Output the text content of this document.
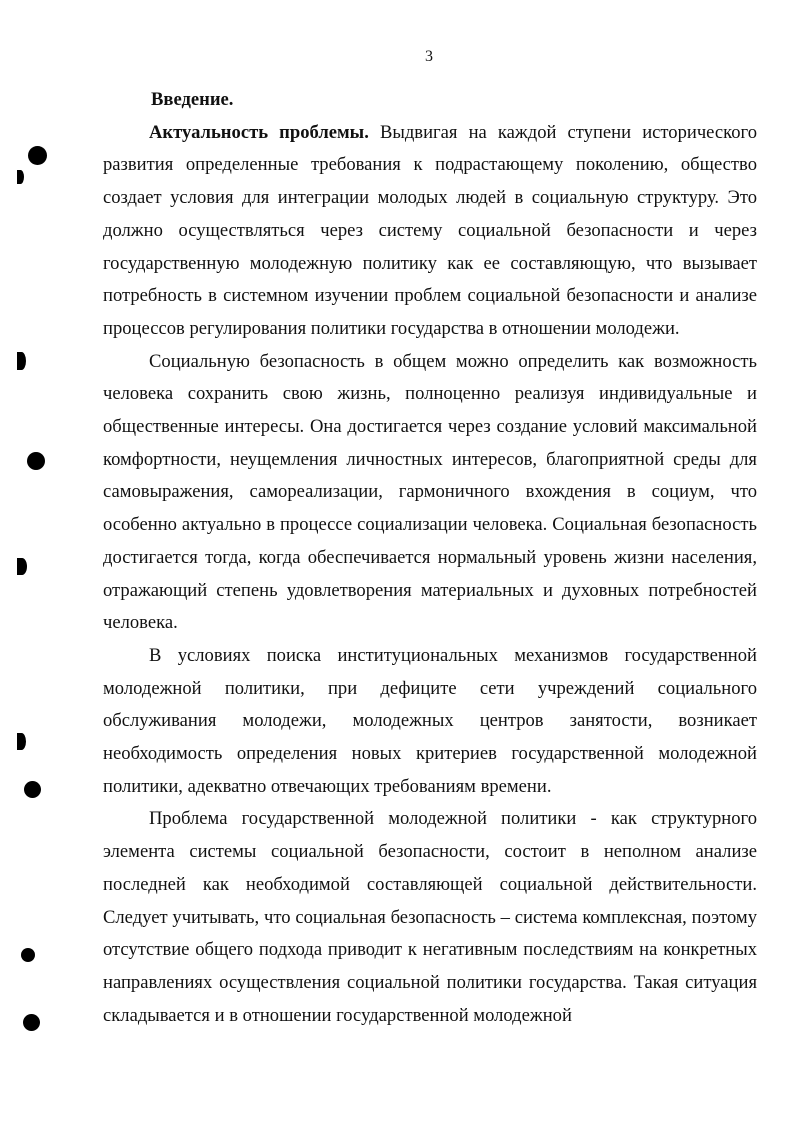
3

Введение.

Актуальность проблемы. Выдвигая на каждой ступени исторического развития определенные требования к подрастающему поколению, общество создает условия для интеграции молодых людей в социальную структуру. Это должно осуществляться через систему социальной безопасности и через государственную молодежную политику как ее составляющую, что вызывает потребность в системном изучении проблем социальной безопасности и анализе процессов регулирования политики государства в отношении молодежи.

Социальную безопасность в общем можно определить как возможность человека сохранить свою жизнь, полноценно реализуя индивидуальные и общественные интересы. Она достигается через создание условий максимальной комфортности, неущемления личностных интересов, благоприятной среды для самовыражения, самореализации, гармоничного вхождения в социум, что особенно актуально в процессе социализации человека. Социальная безопасность достигается тогда, когда обеспечивается нормальный уровень жизни населения, отражающий степень удовлетворения материальных и духовных потребностей человека.

В условиях поиска институциональных механизмов государственной молодежной политики, при дефиците сети учреждений социального обслуживания молодежи, молодежных центров занятости, возникает необходимость определения новых критериев государственной молодежной политики, адекватно отвечающих требованиям времени.

Проблема государственной молодежной политики - как структурного элемента системы социальной безопасности, состоит в неполном анализе последней как необходимой составляющей социальной действительности. Следует учитывать, что социальная безопасность – система комплексная, поэтому отсутствие общего подхода приводит к негативным последствиям на конкретных направлениях осуществления социальной политики государства. Такая ситуация складывается и в отношении государственной молодежной
